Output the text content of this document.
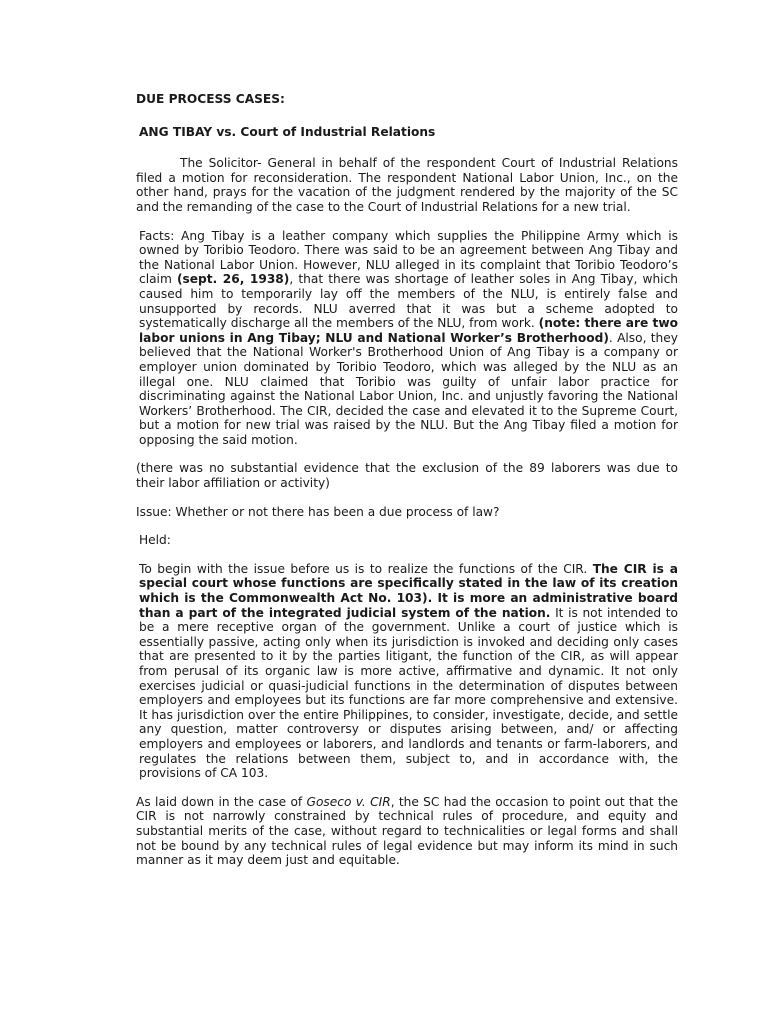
DUE PROCESS CASES:

ANG TIBAY vs. Court of Industrial Relations

The Solicitor- General in behalf of the respondent Court of Industrial Relations filed a motion for reconsideration. The respondent National Labor Union, Inc., on the other hand, prays for the vacation of the judgment rendered by the majority of the SC and the remanding of the case to the Court of Industrial Relations for a new trial.

Facts: Ang Tibay is a leather company which supplies the Philippine Army which is owned by Toribio Teodoro. There was said to be an agreement between Ang Tibay and the National Labor Union. However, NLU alleged in its complaint that Toribio Teodoro’s claim (sept. 26, 1938), that there was shortage of leather soles in Ang Tibay, which caused him to temporarily lay off the members of the NLU, is entirely false and unsupported by records. NLU averred that it was but a scheme adopted to systematically discharge all the members of the NLU, from work. (note: there are two labor unions in Ang Tibay; NLU and National Worker’s Brotherhood). Also, they believed that the National Worker's Brotherhood Union of Ang Tibay is a company or employer union dominated by Toribio Teodoro, which was alleged by the NLU as an illegal one. NLU claimed that Toribio was guilty of unfair labor practice for discriminating against the National Labor Union, Inc. and unjustly favoring the National Workers’ Brotherhood. The CIR, decided the case and elevated it to the Supreme Court, but a motion for new trial was raised by the NLU. But the Ang Tibay filed a motion for opposing the said motion.

(there was no substantial evidence that the exclusion of the 89 laborers was due to their labor affiliation or activity)

Issue: Whether or not there has been a due process of law?

Held:

To begin with the issue before us is to realize the functions of the CIR. The CIR is a special court whose functions are specifically stated in the law of its creation which is the Commonwealth Act No. 103). It is more an administrative board than a part of the integrated judicial system of the nation. It is not intended to be a mere receptive organ of the government. Unlike a court of justice which is essentially passive, acting only when its jurisdiction is invoked and deciding only cases that are presented to it by the parties litigant, the function of the CIR, as will appear from perusal of its organic law is more active, affirmative and dynamic. It not only exercises judicial or quasi-judicial functions in the determination of disputes between employers and employees but its functions are far more comprehensive and extensive. It has jurisdiction over the entire Philippines, to consider, investigate, decide, and settle any question, matter controversy or disputes arising between, and/ or affecting employers and employees or laborers, and landlords and tenants or farm-laborers, and regulates the relations between them, subject to, and in accordance with, the provisions of CA 103.

As laid down in the case of Goseco v. CIR, the SC had the occasion to point out that the CIR is not narrowly constrained by technical rules of procedure, and equity and substantial merits of the case, without regard to technicalities or legal forms and shall not be bound by any technical rules of legal evidence but may inform its mind in such manner as it may deem just and equitable.
